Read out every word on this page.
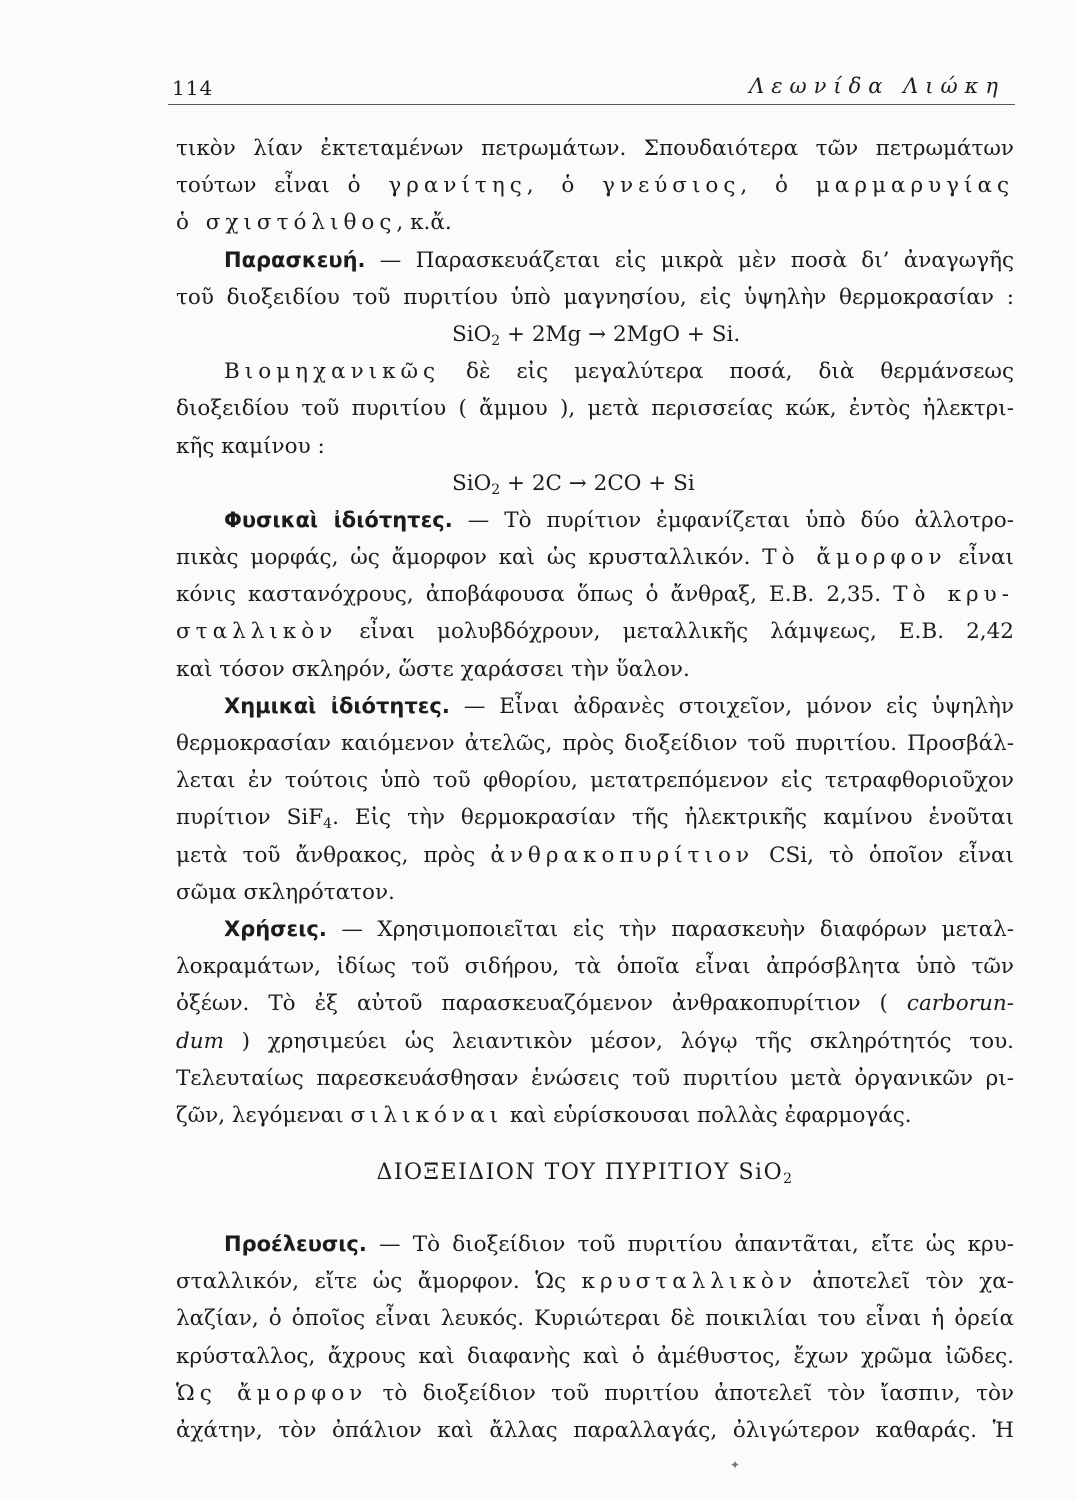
114	Λεωνίδα Λιώκη
τικὸν λίαν ἐκτεταμένων πετρωμάτων. Σπουδαιότερα τῶν πετρωμάτων
τούτων εἶναι ὁ γρανίτης, ὁ γνεύσιος, ὁ μαρμαρυγίας
ὁ σχιστόλιθος, κ.ἄ.
Παρασκευή. — Παρασκευάζεται εἰς μικρὰ μὲν ποσὰ δι’ ἀναγωγῆς
τοῦ διοξειδίου τοῦ πυριτίου ὑπὸ μαγνησίου, εἰς ὑψηλὴν θερμοκρασίαν :
SiO$_2$ + 2Mg → 2MgO + Si.
Βιομηχανικῶς δὲ εἰς μεγαλύτερα ποσά, διὰ θερμάνσεως
διοξειδίου τοῦ πυριτίου ( ἄμμου ), μετὰ περισσείας κώκ, ἐντὸς ἠλεκτρι-
κῆς καμίνου :
SiO$_2$ + 2C → 2CO + Si
Φυσικαὶ ἰδιότητες. — Τὸ πυρίτιον ἐμφανίζεται ὑπὸ δύο ἀλλοτρο-
πικὰς μορφάς, ὡς ἄμορφον καὶ ὡς κρυσταλλικόν. Τὸ ἄμορφον εἶναι
κόνις καστανόχρους, ἀποβάφουσα ὅπως ὁ ἄνθραξ, Ε.Β. 2,35. Τὸ κρυ-
σταλλικὸν εἶναι μολυβδόχρουν, μεταλλικῆς λάμψεως, Ε.Β. 2,42
καὶ τόσον σκληρόν, ὥστε χαράσσει τὴν ὕαλον.
Χημικαὶ ἰδιότητες. — Εἶναι ἀδρανὲς στοιχεῖον, μόνον εἰς ὑψηλὴν
θερμοκρασίαν καιόμενον ἀτελῶς, πρὸς διοξείδιον τοῦ πυριτίου. Προσβάλ-
λεται ἐν τούτοις ὑπὸ τοῦ φθορίου, μετατρεπόμενον εἰς τετραφθοριοῦχον
πυρίτιον SiF$_4$. Εἰς τὴν θερμοκρασίαν τῆς ἠλεκτρικῆς καμίνου ἑνοῦται
μετὰ τοῦ ἄνθρακος, πρὸς ἀνθρακοπυρίτιον CSi, τὸ ὁποῖον εἶναι
σῶμα σκληρότατον.
Χρήσεις. — Χρησιμοποιεῖται εἰς τὴν παρασκευὴν διαφόρων μεταλ-
λοκραμάτων, ἰδίως τοῦ σιδήρου, τὰ ὁποῖα εἶναι ἀπρόσβλητα ὑπὸ τῶν
ὀξέων. Τὸ ἐξ αὐτοῦ παρασκευαζόμενον ἀνθρακοπυρίτιον ( carborun-
dum ) χρησιμεύει ὡς λειαντικὸν μέσον, λόγῳ τῆς σκληρότητός του.
Τελευταίως παρεσκευάσθησαν ἑνώσεις τοῦ πυριτίου μετὰ ὀργανικῶν ρι-
ζῶν, λεγόμεναι σιλικόναι καὶ εὑρίσκουσαι πολλὰς ἐφαρμογάς.
ΔΙΟΞΕΙΔΙΟΝ ΤΟΥ ΠΥΡΙΤΙΟΥ SiO$_2$
Προέλευσις. — Τὸ διοξείδιον τοῦ πυριτίου ἀπαντᾶται, εἴτε ὡς κρυ-
σταλλικόν, εἴτε ὡς ἄμορφον. Ὡς κρυσταλλικὸν ἀποτελεῖ τὸν χα-
λαζίαν, ὁ ὁποῖος εἶναι λευκός. Κυριώτεραι δὲ ποικιλίαι του εἶναι ἡ ὀρεία
κρύσταλλος, ἄχρους καὶ διαφανὴς καὶ ὁ ἀμέθυστος, ἔχων χρῶμα ἰῶδες.
Ὡς ἄμορφον τὸ διοξείδιον τοῦ πυριτίου ἀποτελεῖ τὸν ἴασπιν, τὸν
ἀχάτην, τὸν ὀπάλιον καὶ ἄλλας παραλλαγάς, ὀλιγώτερον καθαράς. Ἡ
✦
